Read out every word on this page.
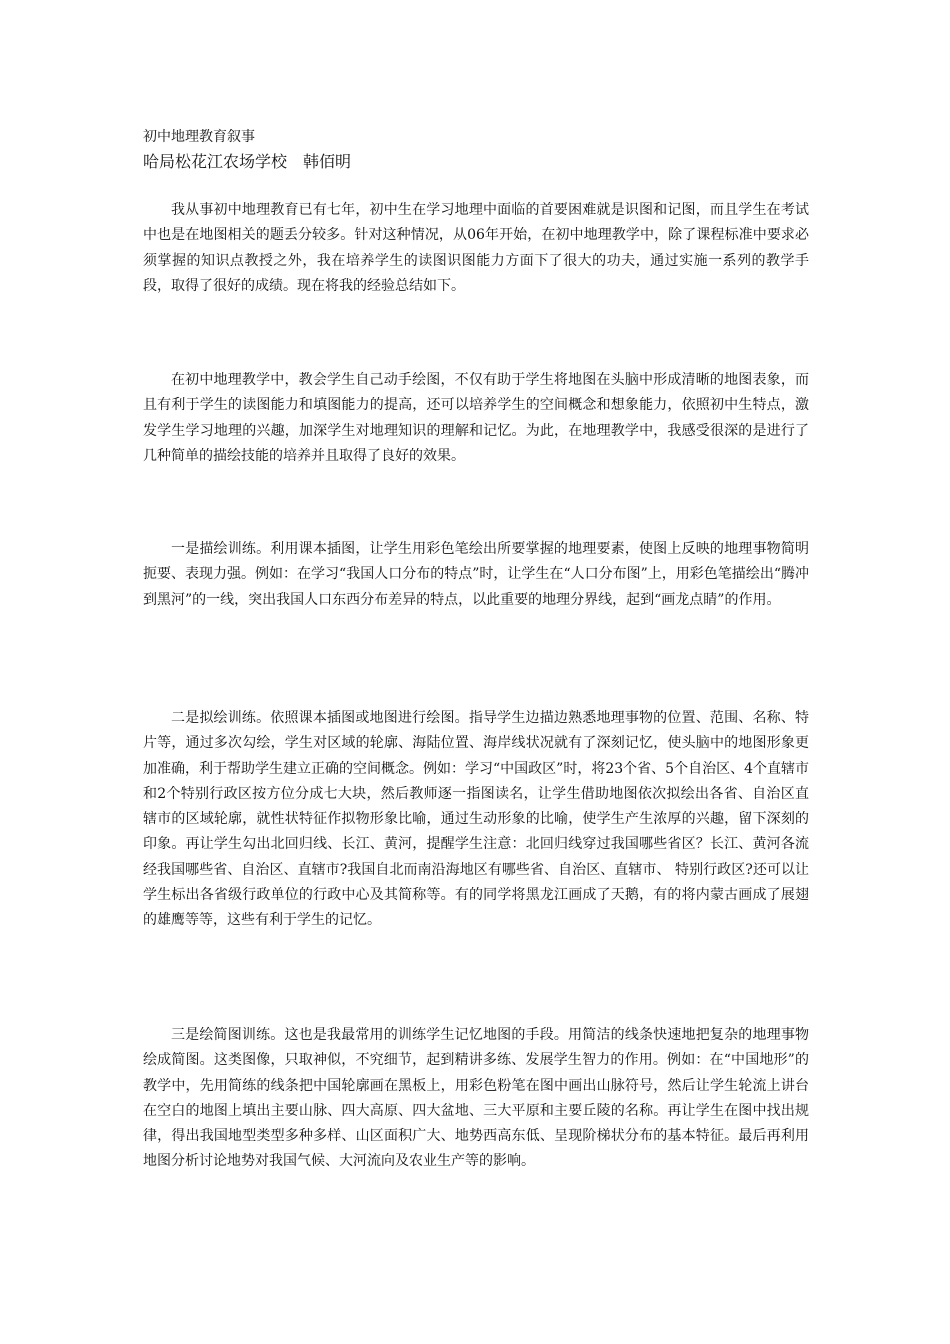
初中地理教育叙事
哈局松花江农场学校　韩佰明

我从事初中地理教育已有七年，初中生在学习地理中面临的首要困难就是识图和记图，而且学生在考试中也是在地图相关的题丢分较多。针对这种情况，从06年开始，在初中地理教学中，除了课程标准中要求必须掌握的知识点教授之外，我在培养学生的读图识图能力方面下了很大的功夫，通过实施一系列的教学手段，取得了很好的成绩。现在将我的经验总结如下。

在初中地理教学中，教会学生自己动手绘图，不仅有助于学生将地图在头脑中形成清晰的地图表象，而且有利于学生的读图能力和填图能力的提高，还可以培养学生的空间概念和想象能力，依照初中生特点，激发学生学习地理的兴趣，加深学生对地理知识的理解和记忆。为此，在地理教学中，我感受很深的是进行了几种简单的描绘技能的培养并且取得了良好的效果。

一是描绘训练。利用课本插图，让学生用彩色笔绘出所要掌握的地理要素，使图上反映的地理事物简明扼要、表现力强。例如：在学习“我国人口分布的特点”时，让学生在“人口分布图”上，用彩色笔描绘出“腾冲到黑河”的一线，突出我国人口东西分布差异的特点，以此重要的地理分界线，起到“画龙点睛”的作用。

二是拟绘训练。依照课本插图或地图进行绘图。指导学生边描边熟悉地理事物的位置、范围、名称、特片等，通过多次勾绘，学生对区域的轮廓、海陆位置、海岸线状况就有了深刻记忆，使头脑中的地图形象更加准确，利于帮助学生建立正确的空间概念。例如：学习“中国政区”时，将23个省、5个自治区、4个直辖市和2个特别行政区按方位分成七大块，然后教师逐一指图读名，让学生借助地图依次拟绘出各省、自治区直辖市的区域轮廓，就性状特征作拟物形象比喻，通过生动形象的比喻，使学生产生浓厚的兴趣，留下深刻的印象。再让学生勾出北回归线、长江、黄河，提醒学生注意：北回归线穿过我国哪些省区？长江、黄河各流经我国哪些省、自治区、直辖市?我国自北而南沿海地区有哪些省、自治区、直辖市、 特别行政区?还可以让学生标出各省级行政单位的行政中心及其简称等。有的同学将黑龙江画成了天鹅，有的将内蒙古画成了展翅的雄鹰等等，这些有利于学生的记忆。

三是绘简图训练。这也是我最常用的训练学生记忆地图的手段。用简洁的线条快速地把复杂的地理事物绘成简图。这类图像，只取神似，不究细节，起到精讲多练、发展学生智力的作用。例如：在“中国地形”的教学中，先用简练的线条把中国轮廓画在黑板上，用彩色粉笔在图中画出山脉符号，然后让学生轮流上讲台在空白的地图上填出主要山脉、四大高原、四大盆地、三大平原和主要丘陵的名称。再让学生在图中找出规律，得出我国地型类型多种多样、山区面积广大、地势西高东低、呈现阶梯状分布的基本特征。最后再利用地图分析讨论地势对我国气候、大河流向及农业生产等的影响。
